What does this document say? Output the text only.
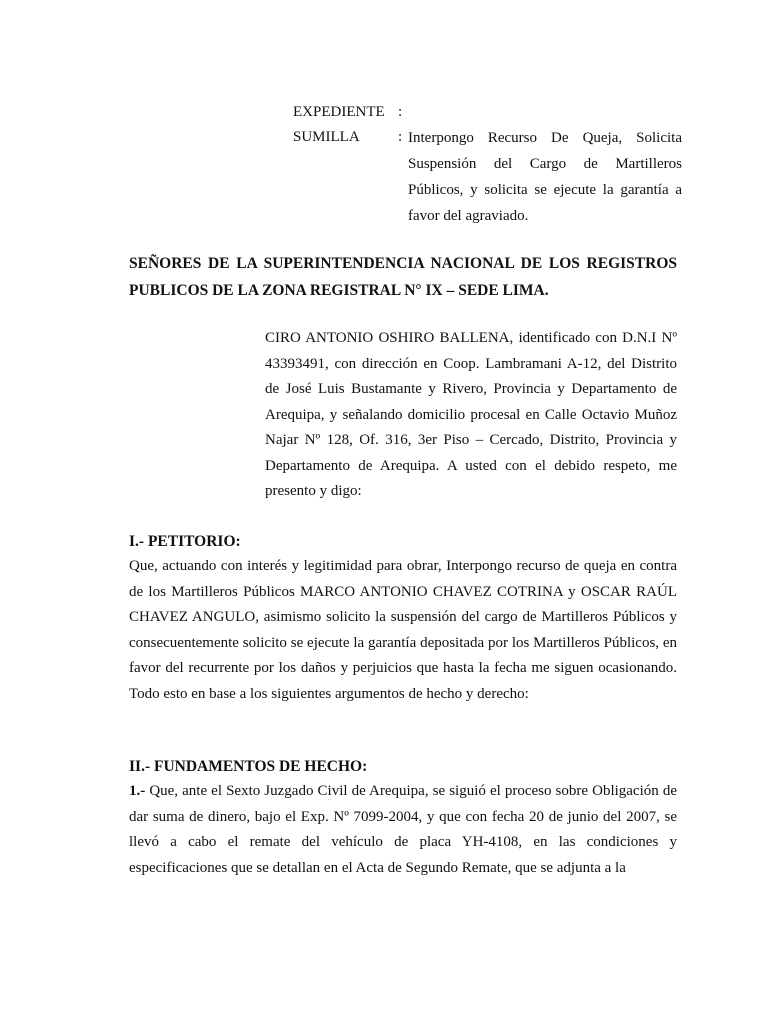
EXPEDIENTE :
SUMILLA	: Interpongo Recurso De Queja, Solicita Suspensión del Cargo de Martilleros Públicos, y solicita se ejecute la garantía a favor del agraviado.
SEÑORES DE LA SUPERINTENDENCIA NACIONAL DE LOS REGISTROS PUBLICOS DE LA ZONA REGISTRAL N° IX – SEDE LIMA.
CIRO ANTONIO OSHIRO BALLENA, identificado con D.N.I Nº 43393491, con dirección en Coop. Lambramani A-12, del Distrito de José Luis Bustamante y Rivero, Provincia y Departamento de Arequipa, y señalando domicilio procesal en Calle Octavio Muñoz Najar Nº 128, Of. 316, 3er Piso – Cercado, Distrito, Provincia y Departamento de Arequipa. A usted con el debido respeto, me presento y digo:
I.- PETITORIO:
Que, actuando con interés y legitimidad para obrar, Interpongo recurso de queja en contra de los Martilleros Públicos MARCO ANTONIO CHAVEZ COTRINA y OSCAR RAÚL CHAVEZ ANGULO, asimismo solicito la suspensión del cargo de Martilleros Públicos y consecuentemente solicito se ejecute la garantía depositada por los Martilleros Públicos, en favor del recurrente por los daños y perjuicios que hasta la fecha me siguen ocasionando. Todo esto en base a los siguientes argumentos de hecho y derecho:
II.- FUNDAMENTOS DE HECHO:
1.- Que, ante el Sexto Juzgado Civil de Arequipa, se siguió el proceso sobre Obligación de dar suma de dinero, bajo el Exp. Nº 7099-2004, y que con fecha 20 de junio del 2007, se llevó a cabo el remate del vehículo de placa YH-4108, en las condiciones y especificaciones que se detallan en el Acta de Segundo Remate, que se adjunta a la
